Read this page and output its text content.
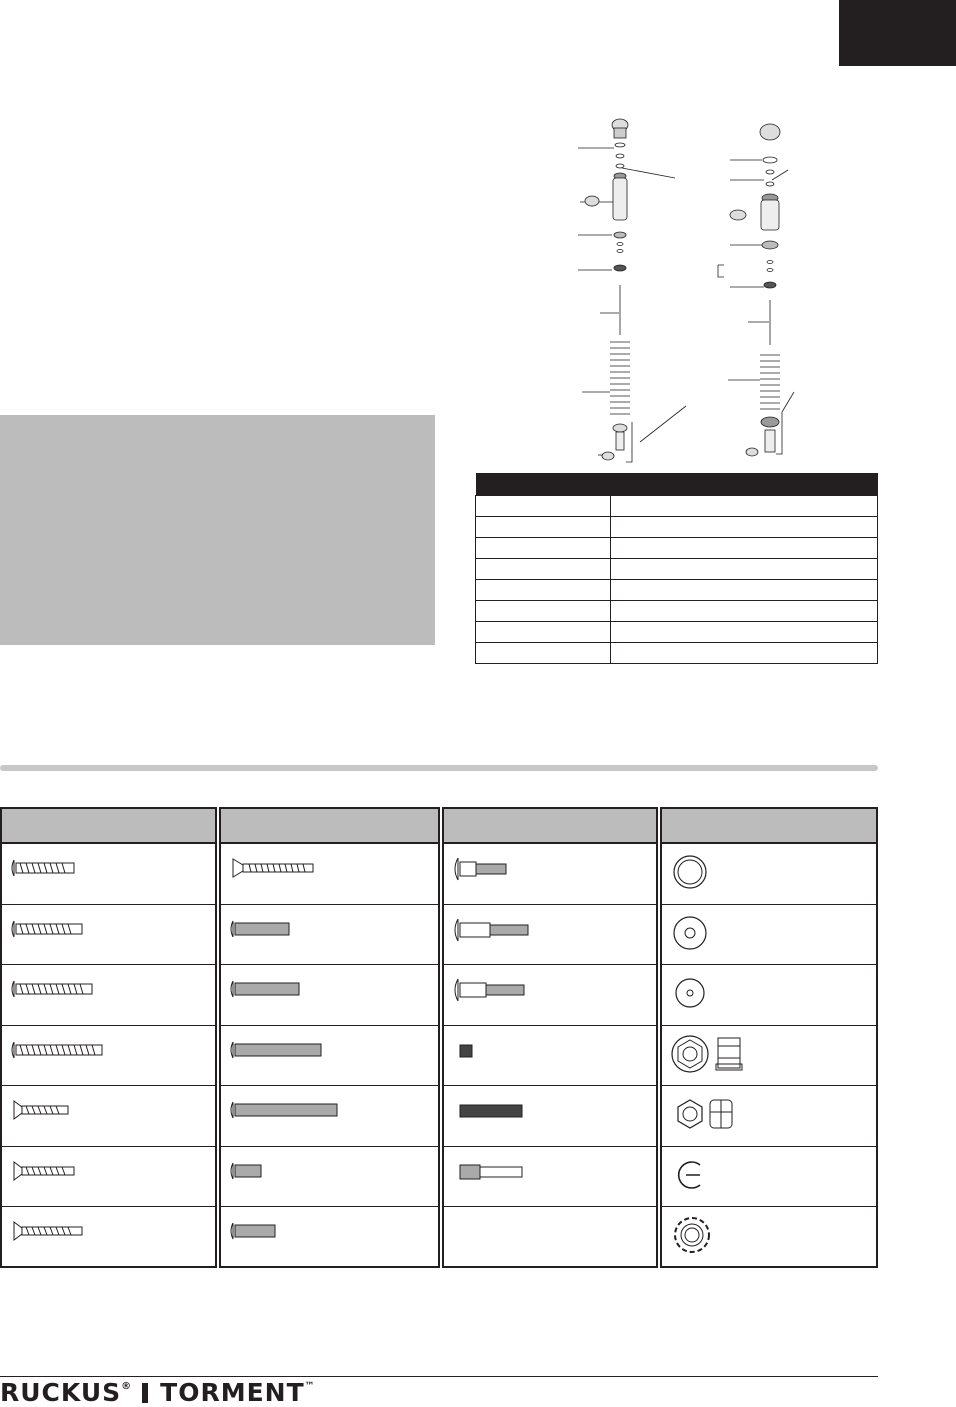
RUCKUS® TORMENT™
